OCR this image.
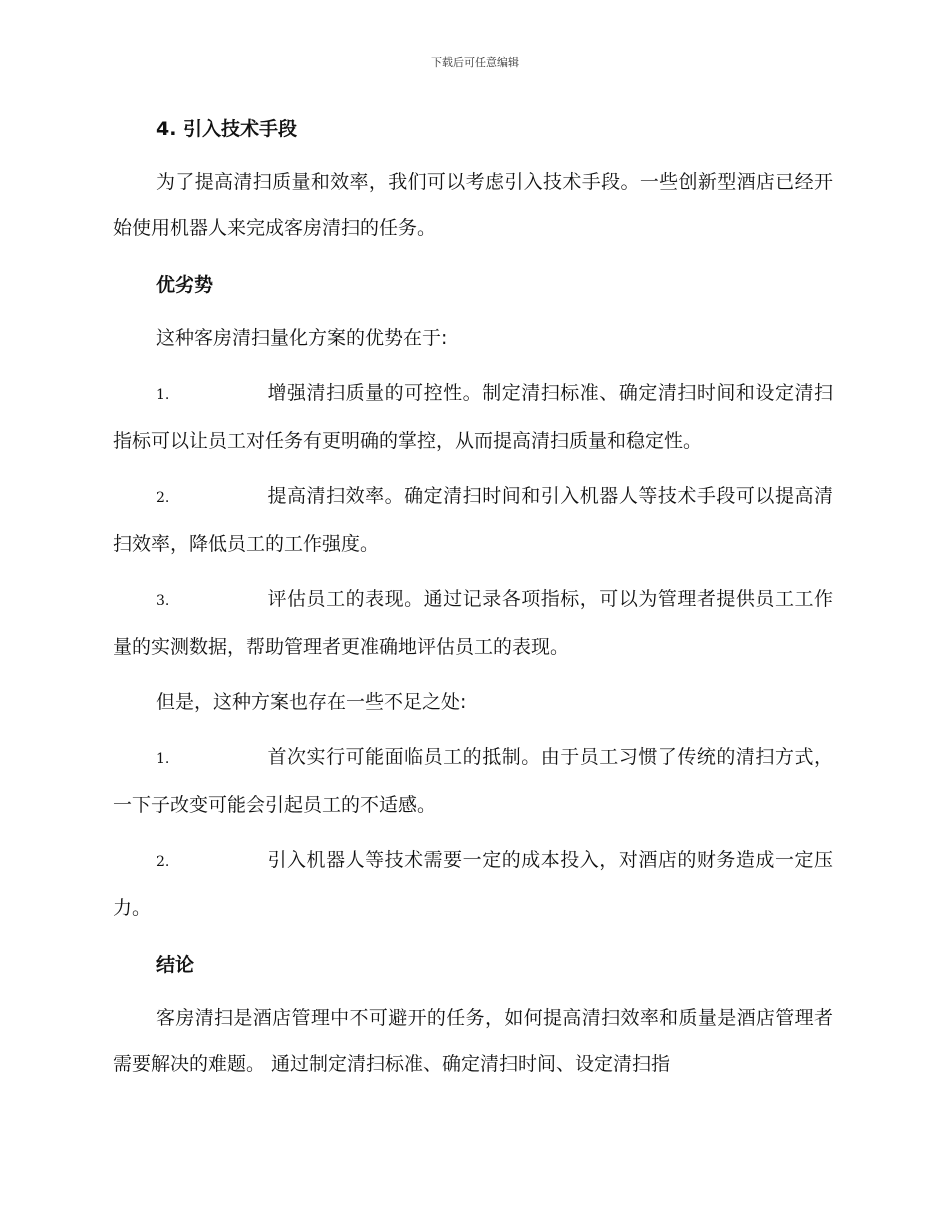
下载后可任意编辑
4. 引入技术手段

为了提高清扫质量和效率，我们可以考虑引入技术手段。一些创新型酒店已经开始使用机器人来完成客房清扫的任务。

优劣势

这种客房清扫量化方案的优势在于:

1.	增强清扫质量的可控性。制定清扫标准、确定清扫时间和设定清扫指标可以让员工对任务有更明确的掌控，从而提高清扫质量和稳定性。

2.	提高清扫效率。确定清扫时间和引入机器人等技术手段可以提高清扫效率，降低员工的工作强度。

3.	评估员工的表现。通过记录各项指标，可以为管理者提供员工工作量的实测数据，帮助管理者更准确地评估员工的表现。

但是，这种方案也存在一些不足之处:

1.	首次实行可能面临员工的抵制。由于员工习惯了传统的清扫方式，一下子改变可能会引起员工的不适感。

2.	引入机器人等技术需要一定的成本投入，对酒店的财务造成一定压力。

结论

客房清扫是酒店管理中不可避开的任务，如何提高清扫效率和质量是酒店管理者需要解决的难题。 通过制定清扫标准、确定清扫时间、设定清扫指
